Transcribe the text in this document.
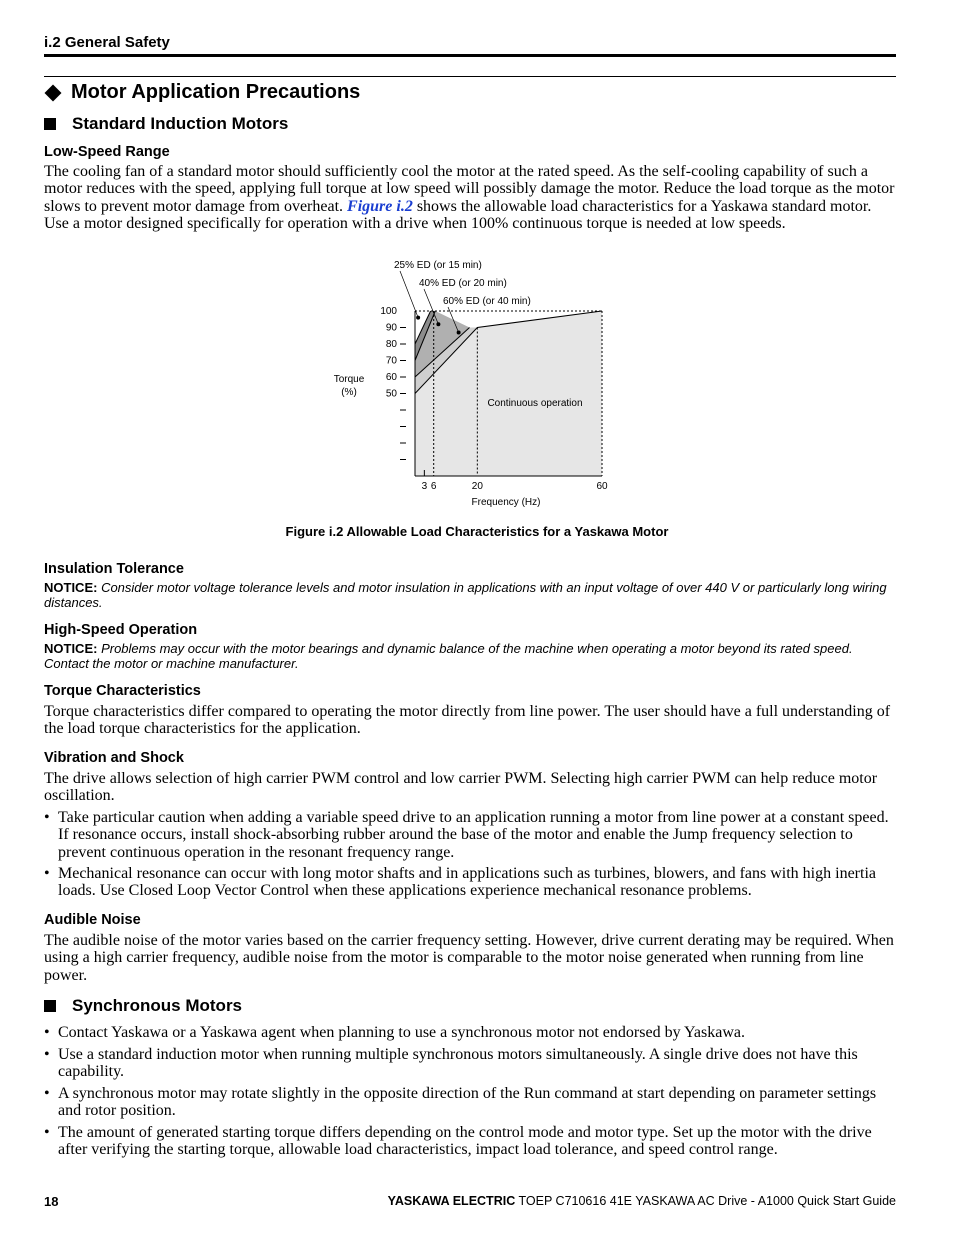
i.2 General Safety
Motor Application Precautions
Standard Induction Motors
Low-Speed Range
The cooling fan of a standard motor should sufficiently cool the motor at the rated speed. As the self-cooling capability of such a motor reduces with the speed, applying full torque at low speed will possibly damage the motor. Reduce the load torque as the motor slows to prevent motor damage from overheat. Figure i.2 shows the allowable load characteristics for a Yaskawa standard motor. Use a motor designed specifically for operation with a drive when 100% continuous torque is needed at low speeds.
100
90
80
70
60
50
3 6	20	60
25% ED (or 15 min)
40% ED (or 20 min)
60% ED (or 40 min)
Continuous operation
Torque
(%)
Frequency (Hz)
Figure i.2 Allowable Load Characteristics for a Yaskawa Motor
Insulation Tolerance
NOTICE: Consider motor voltage tolerance levels and motor insulation in applications with an input voltage of over 440 V or particularly long wiring distances.
High-Speed Operation
NOTICE: Problems may occur with the motor bearings and dynamic balance of the machine when operating a motor beyond its rated speed. Contact the motor or machine manufacturer.
Torque Characteristics
Torque characteristics differ compared to operating the motor directly from line power. The user should have a full understanding of the load torque characteristics for the application.
Vibration and Shock
The drive allows selection of high carrier PWM control and low carrier PWM. Selecting high carrier PWM can help reduce motor oscillation.
• Take particular caution when adding a variable speed drive to an application running a motor from line power at a constant speed. If resonance occurs, install shock-absorbing rubber around the base of the motor and enable the Jump frequency selection to prevent continuous operation in the resonant frequency range.
• Mechanical resonance can occur with long motor shafts and in applications such as turbines, blowers, and fans with high inertia loads. Use Closed Loop Vector Control when these applications experience mechanical resonance problems.
Audible Noise
The audible noise of the motor varies based on the carrier frequency setting. However, drive current derating may be required. When using a high carrier frequency, audible noise from the motor is comparable to the motor noise generated when running from line power.
Synchronous Motors
• Contact Yaskawa or a Yaskawa agent when planning to use a synchronous motor not endorsed by Yaskawa.
• Use a standard induction motor when running multiple synchronous motors simultaneously. A single drive does not have this capability.
• A synchronous motor may rotate slightly in the opposite direction of the Run command at start depending on parameter settings and rotor position.
• The amount of generated starting torque differs depending on the control mode and motor type. Set up the motor with the drive after verifying the starting torque, allowable load characteristics, impact load tolerance, and speed control range.
18	YASKAWA ELECTRIC TOEP C710616 41E YASKAWA AC Drive - A1000 Quick Start Guide
